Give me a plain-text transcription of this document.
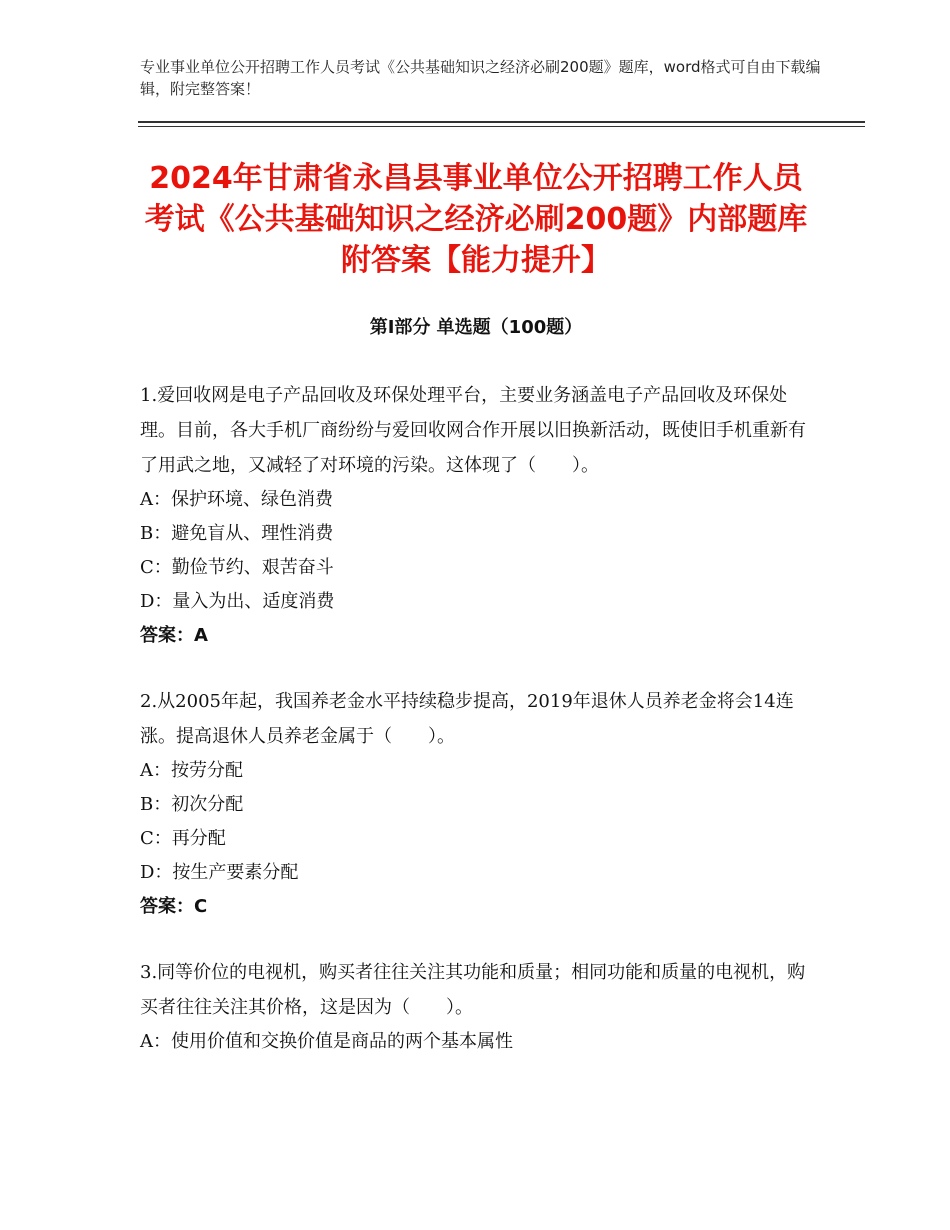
专业事业单位公开招聘工作人员考试《公共基础知识之经济必刷200题》题库，word格式可自由下载编辑，附完整答案！
2024年甘肃省永昌县事业单位公开招聘工作人员考试《公共基础知识之经济必刷200题》内部题库附答案【能力提升】
第Ⅰ部分 单选题（100题）
1.爱回收网是电子产品回收及环保处理平台，主要业务涵盖电子产品回收及环保处理。目前，各大手机厂商纷纷与爱回收网合作开展以旧换新活动，既使旧手机重新有了用武之地，又减轻了对环境的污染。这体现了（　　）。
A：保护环境、绿色消费
B：避免盲从、理性消费
C：勤俭节约、艰苦奋斗
D：量入为出、适度消费
答案：A
2.从2005年起，我国养老金水平持续稳步提高，2019年退休人员养老金将会14连涨。提高退休人员养老金属于（　　）。
A：按劳分配
B：初次分配
C：再分配
D：按生产要素分配
答案：C
3.同等价位的电视机，购买者往往关注其功能和质量；相同功能和质量的电视机，购买者往往关注其价格，这是因为（　　）。
A：使用价值和交换价值是商品的两个基本属性
